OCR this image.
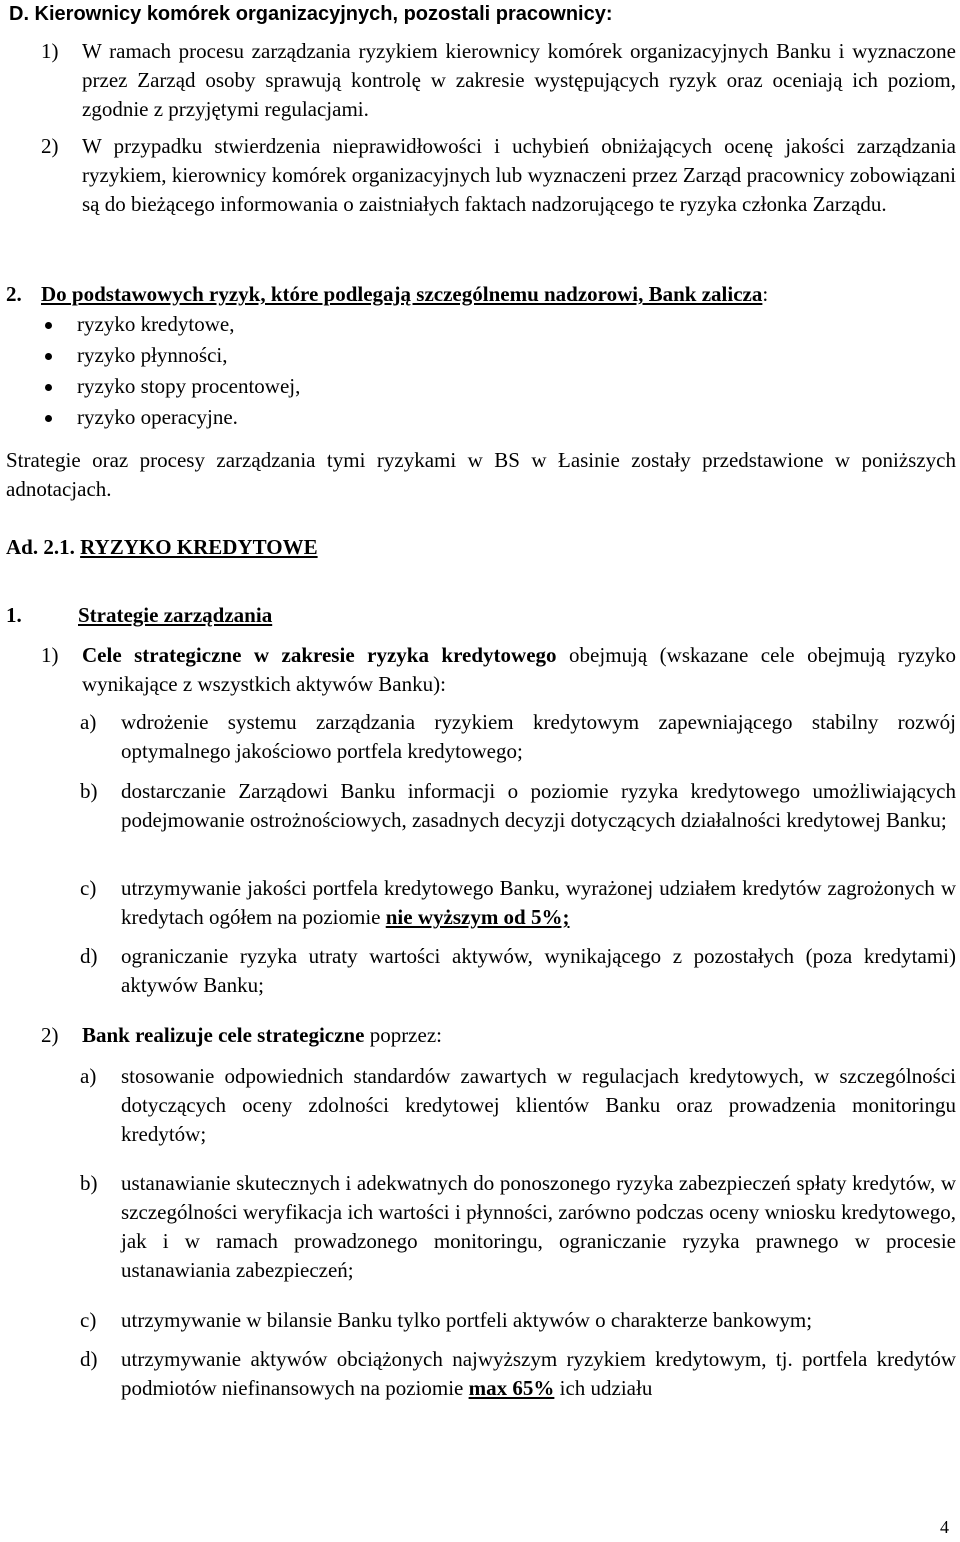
D. Kierownicy komórek organizacyjnych, pozostali pracownicy:
1) W ramach procesu zarządzania ryzykiem kierownicy komórek organizacyjnych Banku i wyznaczone przez Zarząd osoby sprawują kontrolę w zakresie występujących ryzyk oraz oceniają ich poziom, zgodnie z przyjętymi regulacjami.
2) W przypadku stwierdzenia nieprawidłowości i uchybień obniżających ocenę jakości zarządzania ryzykiem, kierownicy komórek organizacyjnych lub wyznaczeni przez Zarząd pracownicy zobowiązani są do bieżącego informowania o zaistniałych faktach nadzorującego te ryzyka członka Zarządu.
2. Do podstawowych ryzyk, które podlegają szczególnemu nadzorowi, Bank zalicza:
ryzyko kredytowe,
ryzyko płynności,
ryzyko stopy procentowej,
ryzyko operacyjne.
Strategie oraz procesy zarządzania tymi ryzykami w BS w Łasinie zostały przedstawione w poniższych adnotacjach.
Ad. 2.1. RYZYKO KREDYTOWE
1.	Strategie zarządzania
1) Cele strategiczne w zakresie ryzyka kredytowego obejmują (wskazane cele obejmują ryzyko wynikające z wszystkich aktywów Banku):
a) wdrożenie systemu zarządzania ryzykiem kredytowym zapewniającego stabilny rozwój optymalnego jakościowo portfela kredytowego;
b) dostarczanie Zarządowi Banku informacji o poziomie ryzyka kredytowego umożliwiających podejmowanie ostrożnościowych, zasadnych decyzji dotyczących działalności kredytowej Banku;
c) utrzymywanie jakości portfela kredytowego Banku, wyrażonej udziałem kredytów zagrożonych w kredytach ogółem na poziomie nie wyższym od 5%;
d) ograniczanie ryzyka utraty wartości aktywów, wynikającego z pozostałych (poza kredytami) aktywów Banku;
2) Bank realizuje cele strategiczne poprzez:
a) stosowanie odpowiednich standardów zawartych w regulacjach kredytowych, w szczególności dotyczących oceny zdolności kredytowej klientów Banku oraz prowadzenia monitoringu kredytów;
b) ustanawianie skutecznych i adekwatnych do ponoszonego ryzyka zabezpieczeń spłaty kredytów, w szczególności weryfikacja ich wartości i płynności, zarówno podczas oceny wniosku kredytowego, jak i w ramach prowadzonego monitoringu, ograniczanie ryzyka prawnego w procesie ustanawiania zabezpieczeń;
c) utrzymywanie w bilansie Banku tylko portfeli aktywów o charakterze bankowym;
d) utrzymywanie aktywów obciążonych najwyższym ryzykiem kredytowym, tj. portfela kredytów podmiotów niefinansowych na poziomie max 65% ich udziału
4
